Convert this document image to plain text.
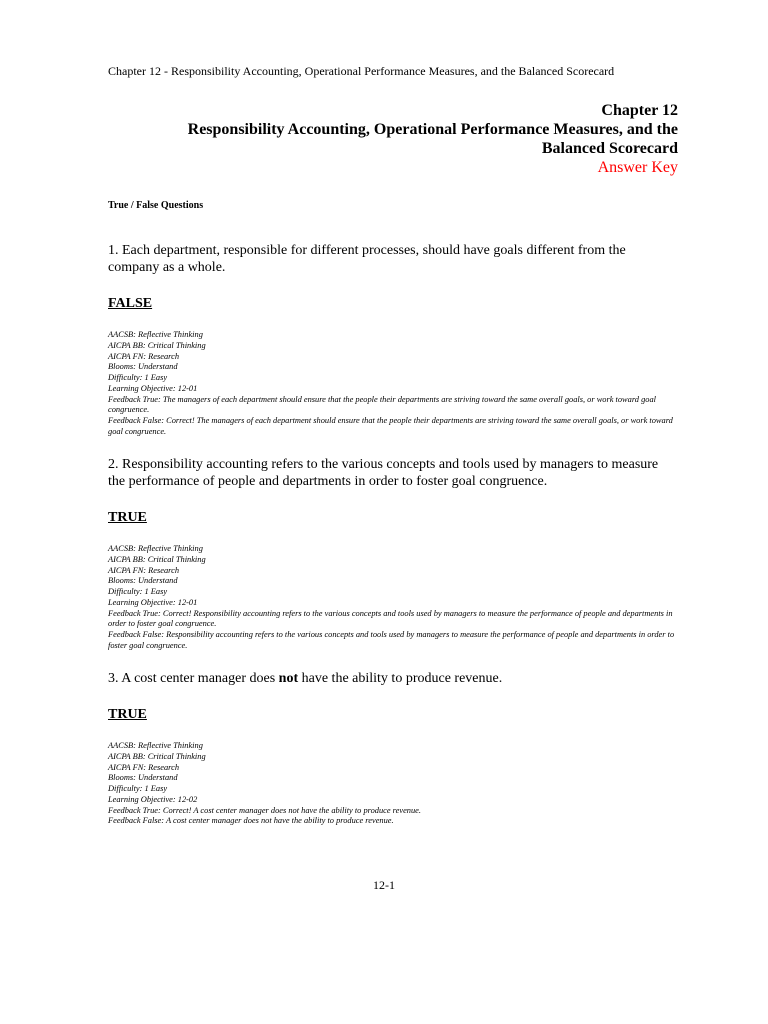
Chapter 12 - Responsibility Accounting, Operational Performance Measures, and the Balanced Scorecard
Chapter 12
Responsibility Accounting, Operational Performance Measures, and the
Balanced Scorecard
Answer Key
True / False Questions
1. Each department, responsible for different processes, should have goals different from the company as a whole.
FALSE
AACSB: Reflective Thinking
AICPA BB: Critical Thinking
AICPA FN: Research
Blooms: Understand
Difficulty: 1 Easy
Learning Objective: 12-01
Feedback True: The managers of each department should ensure that the people their departments are striving toward the same overall goals, or work toward goal congruence.
Feedback False: Correct! The managers of each department should ensure that the people their departments are striving toward the same overall goals, or work toward goal congruence.
2. Responsibility accounting refers to the various concepts and tools used by managers to measure the performance of people and departments in order to foster goal congruence.
TRUE
AACSB: Reflective Thinking
AICPA BB: Critical Thinking
AICPA FN: Research
Blooms: Understand
Difficulty: 1 Easy
Learning Objective: 12-01
Feedback True: Correct! Responsibility accounting refers to the various concepts and tools used by managers to measure the performance of people and departments in order to foster goal congruence.
Feedback False: Responsibility accounting refers to the various concepts and tools used by managers to measure the performance of people and departments in order to foster goal congruence.
3. A cost center manager does not have the ability to produce revenue.
TRUE
AACSB: Reflective Thinking
AICPA BB: Critical Thinking
AICPA FN: Research
Blooms: Understand
Difficulty: 1 Easy
Learning Objective: 12-02
Feedback True: Correct! A cost center manager does not have the ability to produce revenue.
Feedback False: A cost center manager does not have the ability to produce revenue.
12-1
